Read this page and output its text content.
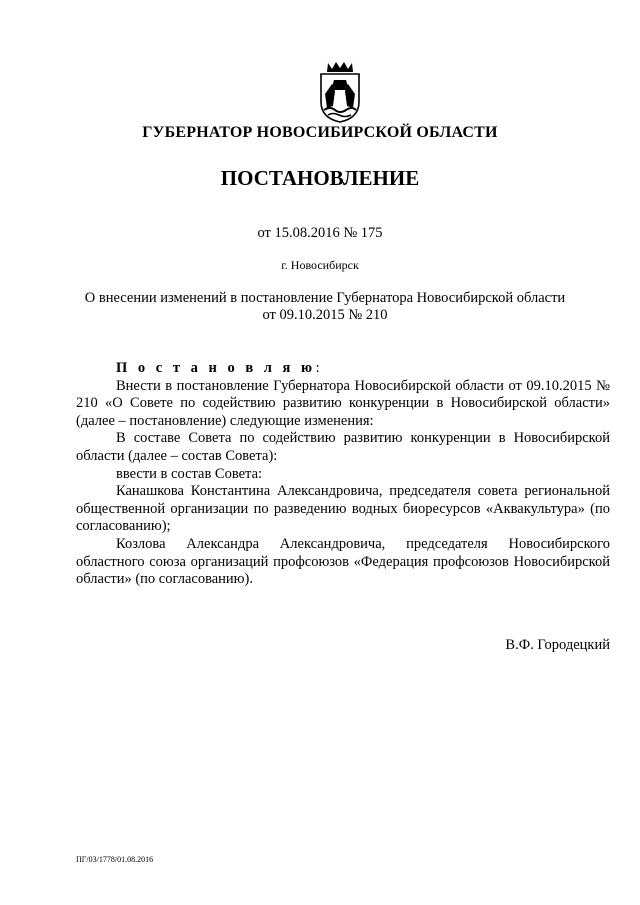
ГУБЕРНАТОР НОВОСИБИРСКОЙ ОБЛАСТИ
ПОСТАНОВЛЕНИЕ
от 15.08.2016 № 175
г. Новосибирск
О внесении изменений в постановление Губернатора Новосибирской области
от 09.10.2015 № 210

П о с т а н о в л я ю:

Внести в постановление Губернатора Новосибирской области от 09.10.2015 № 210 «О Совете по содействию развитию конкуренции в Новосибирской области» (далее – постановление) следующие изменения:

В составе Совета по содействию развитию конкуренции в Новосибирской области (далее – состав Совета):

ввести в состав Совета:

Канашкова Константина Александровича, председателя совета региональной общественной организации по разведению водных биоресурсов «Аквакультура» (по согласованию);

Козлова Александра Александровича, председателя Новосибирского областного союза организаций профсоюзов «Федерация профсоюзов Новосибирской области» (по согласованию).

В.Ф. Городецкий
ПГ/03/1778/01.08.2016
